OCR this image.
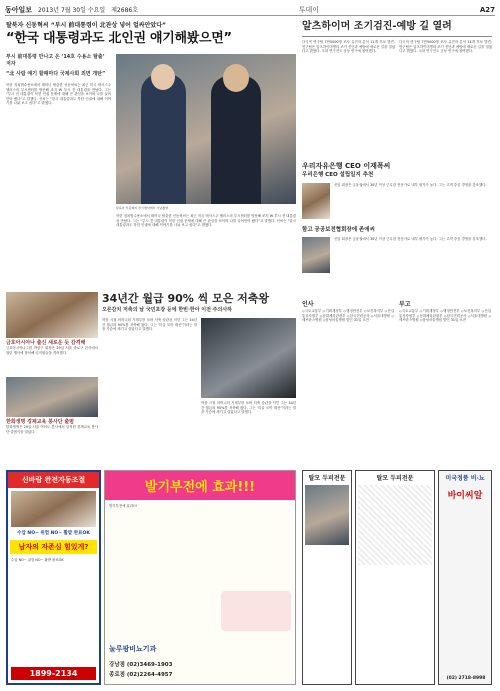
동아일보 2013년 7월 30일 수요일 제2686호	투데이	A27
탈북자 신동혁씨 “부시 前대통령이 北관상 넣어 얼싸안았다”
“한국 대통령과도 北인권 얘기해봤으면”
부시 前대통령 만나고 온 ‘14호 수용소 탈출’ 저자
“北 사람 얘기 할때마다 국제사회 외면 개탄”
북한 정치범수용소에서 태어나 탈출한 신동혁씨는 최근 미국 텍사스주 댈러스의 부시센터를 방문해 조지 W 부시 전 대통령을 만났다. 그는 “부시 전 대통령이 북한 인권 문제에 대해 큰 관심을 보이며 나를 끌어안아 줬다”고 말했다. 신씨는 “한국 대통령과도 북한 인권에 대해 이야기를 나눠 보고 싶다”고 밝혔다.
탈북자 신동혁씨 부시센터에서 기념촬영
북한 정치범수용소에서 태어나 탈출한 신동혁씨는 최근 미국 텍사스주 댈러스의 부시센터를 방문해 조지 W 부시 전 대통령을 만났다. 그는 “부시 전 대통령이 북한 인권 문제에 대해 큰 관심을 보이며 나를 끌어안아 줬다”고 말했다. 신씨는 “한국 대통령과도 북한 인권에 대해 이야기를 나눠 보고 싶다”고 밝혔다.
금호아시아나 출신 새로운 듯 감격해
금호아시아나그룹 박삼구 회장은 29일 서울 종로구 본사에서 열린 행사에 참석해 임직원들을 격려했다.
한화생명 경제교육 봉사단 출범
한화생명은 29일 서울 여의도 본사에서 임직원 경제교육 봉사단 출범식을 열었다.
34년간 월급 90% 씩 모은 저축왕
오른감치 저축의 날 국민포장 등에 한빈·한아 이전 주의사하
학창 시절 어머니의 가계부를 보며 저축 습관을 익힌 그는 34년간 월급의 90%를 저축해 왔다. 그는 ‘티끌 모아 태산’이라는 말을 가슴에 새기고 살았다고 말했다.
학창 시절 어머니의 가계부를 보며 저축 습관을 익힌 그는 34년간 월급의 90%를 저축해 왔다. 그는 ‘티끌 모아 태산’이라는 말을 가슴에 새기고 살았다고 말했다.
알츠하이머 조기검진-예방 길 열려
다국적 연구팀 7만5000명 조사 유전자 분석 11개 후보 발견. 연구팀은 알츠하이머병의 조기 진단과 예방에 새로운 길을 열었다고 밝혔다. 국내 연구진도 공동 연구에 참여했다.
다국적 연구팀 7만5000명 조사 유전자 분석 11개 후보 발견. 연구팀은 알츠하이머병의 조기 진단과 예방에 새로운 길을 열었다고 밝혔다. 국내 연구진도 공동 연구에 참여했다.
우리자유은행 CEO 이재폭씨
우리은행 CEO 설립일지 추천
신임 회장은 금융권에서 30년 이상 근무한 전문가로 내부 평가가 높다. 그는 고객 중심 경영을 강조했다.
함고 공공보전협회장에 존에씨
신임 회장은 금융권에서 30년 이상 근무한 전문가로 내부 평가가 높다. 그는 고객 중심 경영을 강조했다.
인사
◇국토교통부 ◇기획재정부 ◇행정안전부 ◇보건복지부 ◇산업통상자원부 ◇문화체육관광부 ◇한국전력공사 ◇서울대병원 ◇세브란스병원 ◇삼성서울병원 발인 31일 오전
부고
◇국토교통부 ◇기획재정부 ◇행정안전부 ◇보건복지부 ◇산업통상자원부 ◇문화체육관광부 ◇한국전력공사 ◇서울대병원 ◇세브란스병원 ◇삼성서울병원 발인 31일 오전
신바람 완전자동조절
수압 NO~ 위험 NO~ 활밭 완료OK
남자의 자존심 힘있게?
수압 NO~ 위험 NO~ 활밭 완료OK
1899-2134
발기부전에 효과!!!
발기부전에 효과!!!
눌루팡비뇨기과
강남점 (02)3469-1903
종로점 (02)2264-4957
탈모 두피전문	탈모 두피전문	미국정품 비·뇨
바이씨알
(02) 2718-8998
